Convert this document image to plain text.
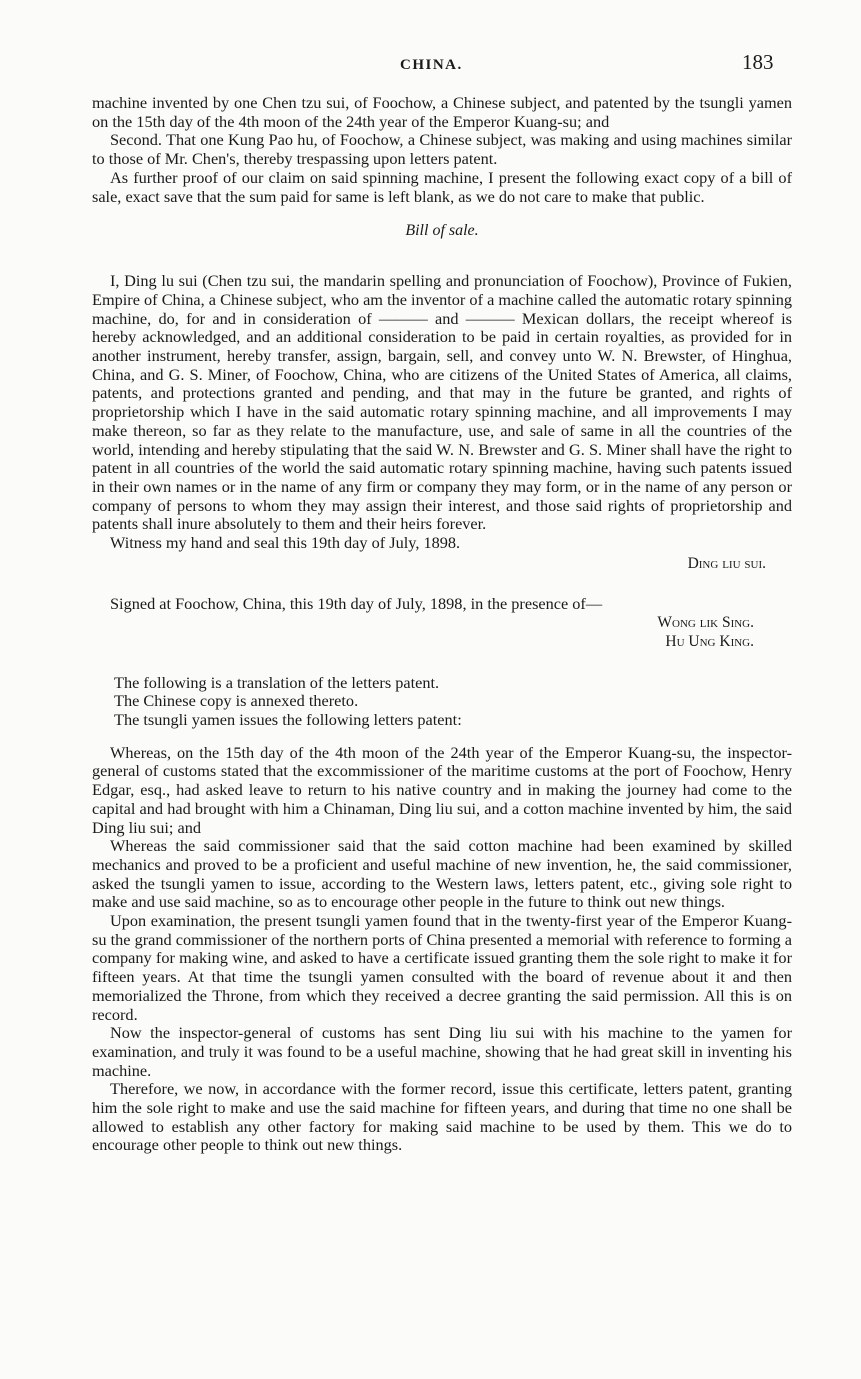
CHINA.	183

machine invented by one Chen tzu sui, of Foochow, a Chinese subject, and patented by the tsungli yamen on the 15th day of the 4th moon of the 24th year of the Emperor Kuang-su; and

Second. That one Kung Pao hu, of Foochow, a Chinese subject, was making and using machines similar to those of Mr. Chen's, thereby trespassing upon letters patent.

As further proof of our claim on said spinning machine, I present the following exact copy of a bill of sale, exact save that the sum paid for same is left blank, as we do not care to make that public.

Bill of sale.

I, Ding lu sui (Chen tzu sui, the mandarin spelling and pronunciation of Foochow), Province of Fukien, Empire of China, a Chinese subject, who am the inventor of a machine called the automatic rotary spinning machine, do, for and in consideration of ——— and ——— Mexican dollars, the receipt whereof is hereby acknowledged, and an additional consideration to be paid in certain royalties, as provided for in another instrument, hereby transfer, assign, bargain, sell, and convey unto W. N. Brewster, of Hinghua, China, and G. S. Miner, of Foochow, China, who are citizens of the United States of America, all claims, patents, and protections granted and pending, and that may in the future be granted, and rights of proprietorship which I have in the said automatic rotary spinning machine, and all improvements I may make thereon, so far as they relate to the manufacture, use, and sale of same in all the countries of the world, intending and hereby stipulating that the said W. N. Brewster and G. S. Miner shall have the right to patent in all countries of the world the said automatic rotary spinning machine, having such patents issued in their own names or in the name of any firm or company they may form, or in the name of any person or company of persons to whom they may assign their interest, and those said rights of proprietorship and patents shall inure absolutely to them and their heirs forever.

Witness my hand and seal this 19th day of July, 1898.

Ding liu sui.

Signed at Foochow, China, this 19th day of July, 1898, in the presence of—

Wong lik Sing.

Hu Ung King.

The following is a translation of the letters patent.

The Chinese copy is annexed thereto.

The tsungli yamen issues the following letters patent:

Whereas, on the 15th day of the 4th moon of the 24th year of the Emperor Kuang-su, the inspector-general of customs stated that the excommissioner of the maritime customs at the port of Foochow, Henry Edgar, esq., had asked leave to return to his native country and in making the journey had come to the capital and had brought with him a Chinaman, Ding liu sui, and a cotton machine invented by him, the said Ding liu sui; and

Whereas the said commissioner said that the said cotton machine had been examined by skilled mechanics and proved to be a proficient and useful machine of new invention, he, the said commissioner, asked the tsungli yamen to issue, according to the Western laws, letters patent, etc., giving sole right to make and use said machine, so as to encourage other people in the future to think out new things.

Upon examination, the present tsungli yamen found that in the twenty-first year of the Emperor Kuang-su the grand commissioner of the northern ports of China presented a memorial with reference to forming a company for making wine, and asked to have a certificate issued granting them the sole right to make it for fifteen years. At that time the tsungli yamen consulted with the board of revenue about it and then memorialized the Throne, from which they received a decree granting the said permission. All this is on record.

Now the inspector-general of customs has sent Ding liu sui with his machine to the yamen for examination, and truly it was found to be a useful machine, showing that he had great skill in inventing his machine.

Therefore, we now, in accordance with the former record, issue this certificate, letters patent, granting him the sole right to make and use the said machine for fifteen years, and during that time no one shall be allowed to establish any other factory for making said machine to be used by them. This we do to encourage other people to think out new things.
